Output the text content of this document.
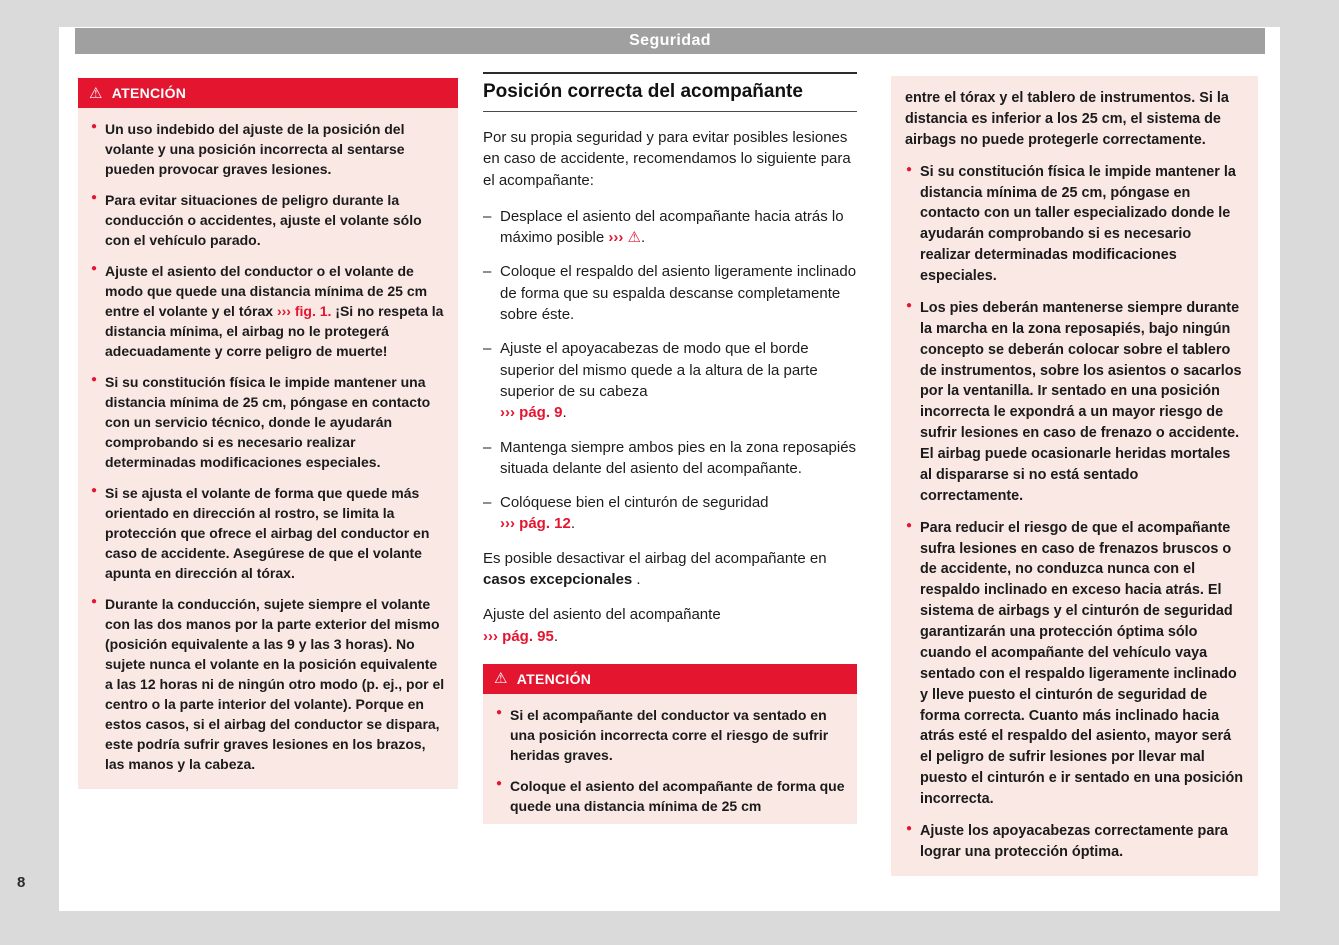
Seguridad
⚠ ATENCIÓN
● Un uso indebido del ajuste de la posición del volante y una posición incorrecta al sentarse pueden provocar graves lesiones.
● Para evitar situaciones de peligro durante la conducción o accidentes, ajuste el volante sólo con el vehículo parado.
● Ajuste el asiento del conductor o el volante de modo que quede una distancia mínima de 25 cm entre el volante y el tórax ››› fig. 1. ¡Si no respeta la distancia mínima, el airbag no le protegerá adecuadamente y corre peligro de muerte!
● Si su constitución física le impide mantener una distancia mínima de 25 cm, póngase en contacto con un servicio técnico, donde le ayudarán comprobando si es necesario realizar determinadas modificaciones especiales.
● Si se ajusta el volante de forma que quede más orientado en dirección al rostro, se limita la protección que ofrece el airbag del conductor en caso de accidente. Asegúrese de que el volante apunta en dirección al tórax.
● Durante la conducción, sujete siempre el volante con las dos manos por la parte exterior del mismo (posición equivalente a las 9 y las 3 horas). No sujete nunca el volante en la posición equivalente a las 12 horas ni de ningún otro modo (p. ej., por el centro o la parte interior del volante). Porque en estos casos, si el airbag del conductor se dispara, este podría sufrir graves lesiones en los brazos, las manos y la cabeza.
Posición correcta del acompañante

Por su propia seguridad y para evitar posibles lesiones en caso de accidente, recomendamos lo siguiente para el acompañante:

– Desplace el asiento del acompañante hacia atrás lo máximo posible ››› ⚠.
– Coloque el respaldo del asiento ligeramente inclinado de forma que su espalda descanse completamente sobre éste.
– Ajuste el apoyacabezas de modo que el borde superior del mismo quede a la altura de la parte superior de su cabeza
››› pág. 9.
– Mantenga siempre ambos pies en la zona reposapiés situada delante del asiento del acompañante.
– Colóquese bien el cinturón de seguridad
››› pág. 12.

Es posible desactivar el airbag del acompañante en casos excepcionales .

Ajuste del asiento del acompañante
››› pág. 95.

⚠ ATENCIÓN
● Si el acompañante del conductor va sentado en una posición incorrecta corre el riesgo de sufrir heridas graves.
● Coloque el asiento del acompañante de forma que quede una distancia mínima de 25 cm

entre el tórax y el tablero de instrumentos. Si la distancia es inferior a los 25 cm, el sistema de airbags no puede protegerle correctamente.

● Si su constitución física le impide mantener la distancia mínima de 25 cm, póngase en contacto con un taller especializado donde le ayudarán comprobando si es necesario realizar determinadas modificaciones especiales.
● Los pies deberán mantenerse siempre durante la marcha en la zona reposapiés, bajo ningún concepto se deberán colocar sobre el tablero de instrumentos, sobre los asientos o sacarlos por la ventanilla. Ir sentado en una posición incorrecta le expondrá a un mayor riesgo de sufrir lesiones en caso de frenazo o accidente. El airbag puede ocasionarle heridas mortales al dispararse si no está sentado correctamente.
● Para reducir el riesgo de que el acompañante sufra lesiones en caso de frenazos bruscos o de accidente, no conduzca nunca con el respaldo inclinado en exceso hacia atrás. El sistema de airbags y el cinturón de seguridad garantizarán una protección óptima sólo cuando el acompañante del vehículo vaya sentado con el respaldo ligeramente inclinado y lleve puesto el cinturón de seguridad de forma correcta. Cuanto más inclinado hacia atrás esté el respaldo del asiento, mayor será el peligro de sufrir lesiones por llevar mal puesto el cinturón e ir sentado en una posición incorrecta.
● Ajuste los apoyacabezas correctamente para lograr una protección óptima.
8
